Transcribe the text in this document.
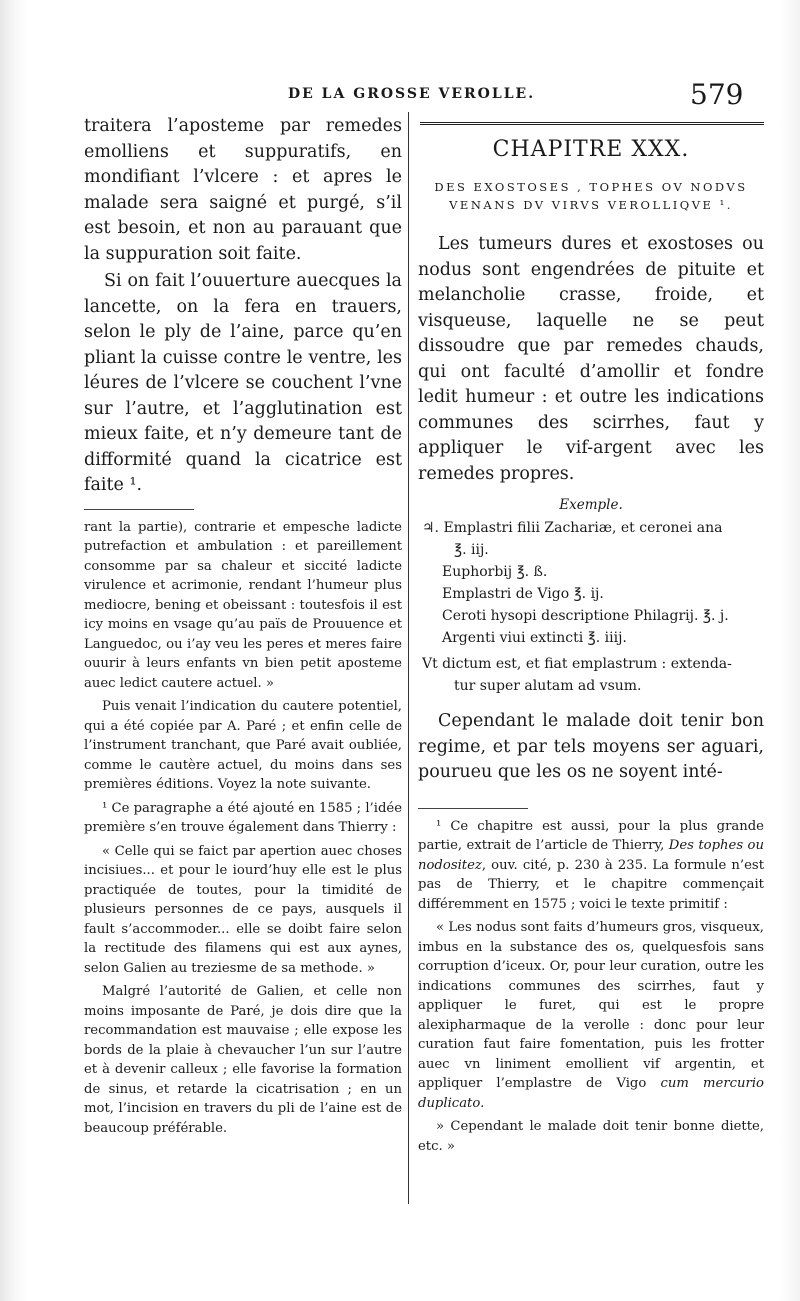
DE LA GROSSE VEROLLE.	579

traitera l’aposteme par remedes emolliens et suppuratifs, en mondifiant l’vlcere : et apres le malade sera saigné et purgé, s’il est besoin, et non au parauant que la suppuration soit faite.

Si on fait l’ouuerture auecques la lancette, on la fera en trauers, selon le ply de l’aine, parce qu’en pliant la cuisse contre le ventre, les léures de l’vlcere se couchent l’vne sur l’autre, et l’agglutination est mieux faite, et n’y demeure tant de difformité quand la cicatrice est faite ¹.

rant la partie), contrarie et empesche ladicte putrefaction et ambulation : et pareillement consomme par sa chaleur et siccité ladicte virulence et acrimonie, rendant l’humeur plus mediocre, bening et obeissant : toutesfois il est icy moins en vsage qu’au païs de Prouuence et Languedoc, ou i’ay veu les peres et meres faire ouurir à leurs enfants vn bien petit aposteme auec ledict cautere actuel. »

Puis venait l’indication du cautere potentiel, qui a été copiée par A. Paré ; et enfin celle de l’instrument tranchant, que Paré avait oubliée, comme le cautère actuel, du moins dans ses premières éditions. Voyez la note suivante.

¹ Ce paragraphe a été ajouté en 1585 ; l’idée première s’en trouve également dans Thierry :

« Celle qui se faict par apertion auec choses incisiues... et pour le iourd’huy elle est le plus practiquée de toutes, pour la timidité de plusieurs personnes de ce pays, ausquels il fault s’accommoder... elle se doibt faire selon la rectitude des filamens qui est aux aynes, selon Galien au treziesme de sa methode. »

Malgré l’autorité de Galien, et celle non moins imposante de Paré, je dois dire que la recommandation est mauvaise ; elle expose les bords de la plaie à chevaucher l’un sur l’autre et à devenir calleux ; elle favorise la formation de sinus, et retarde la cicatrisation ; en un mot, l’incision en travers du pli de l’aine est de beaucoup préférable.

CHAPITRE XXX.
DES EXOSTOSES , TOPHES OV NODVS
VENANS DV VIRVS VEROLLIQVE ¹.

Les tumeurs dures et exostoses ou nodus sont engendrées de pituite et melancholie crasse, froide, et visqueuse, laquelle ne se peut dissoudre que par remedes chauds, qui ont faculté d’amollir et fondre ledit humeur : et outre les indications communes des scirrhes, faut y appliquer le vif-argent avec les remedes propres.

Exemple.
♃. Emplastri filii Zachariæ, et ceronei ana
℥. iij.
Euphorbij ℥. ß.
Emplastri de Vigo ℥. ij.
Ceroti hysopi descriptione Philagrij. ℥. j.
Argenti viui extincti ℥. iiij.
Vt dictum est, et fiat emplastrum : extenda-
tur super alutam ad vsum.

Cependant le malade doit tenir bon regime, et par tels moyens ser aguari, pourueu que les os ne soyent inté-

¹ Ce chapitre est aussi, pour la plus grande partie, extrait de l’article de Thierry, Des tophes ou nodositez, ouv. cité, p. 230 à 235. La formule n’est pas de Thierry, et le chapitre commençait différemment en 1575 ; voici le texte primitif :

« Les nodus sont faits d’humeurs gros, visqueux, imbus en la substance des os, quelquesfois sans corruption d’iceux. Or, pour leur curation, outre les indications communes des scirrhes, faut y appliquer le furet, qui est le propre alexipharmaque de la verolle : donc pour leur curation faut faire fomentation, puis les frotter auec vn liniment emollient vif argentin, et appliquer l’emplastre de Vigo cum mercurio duplicato.

» Cependant le malade doit tenir bonne diette, etc. »
